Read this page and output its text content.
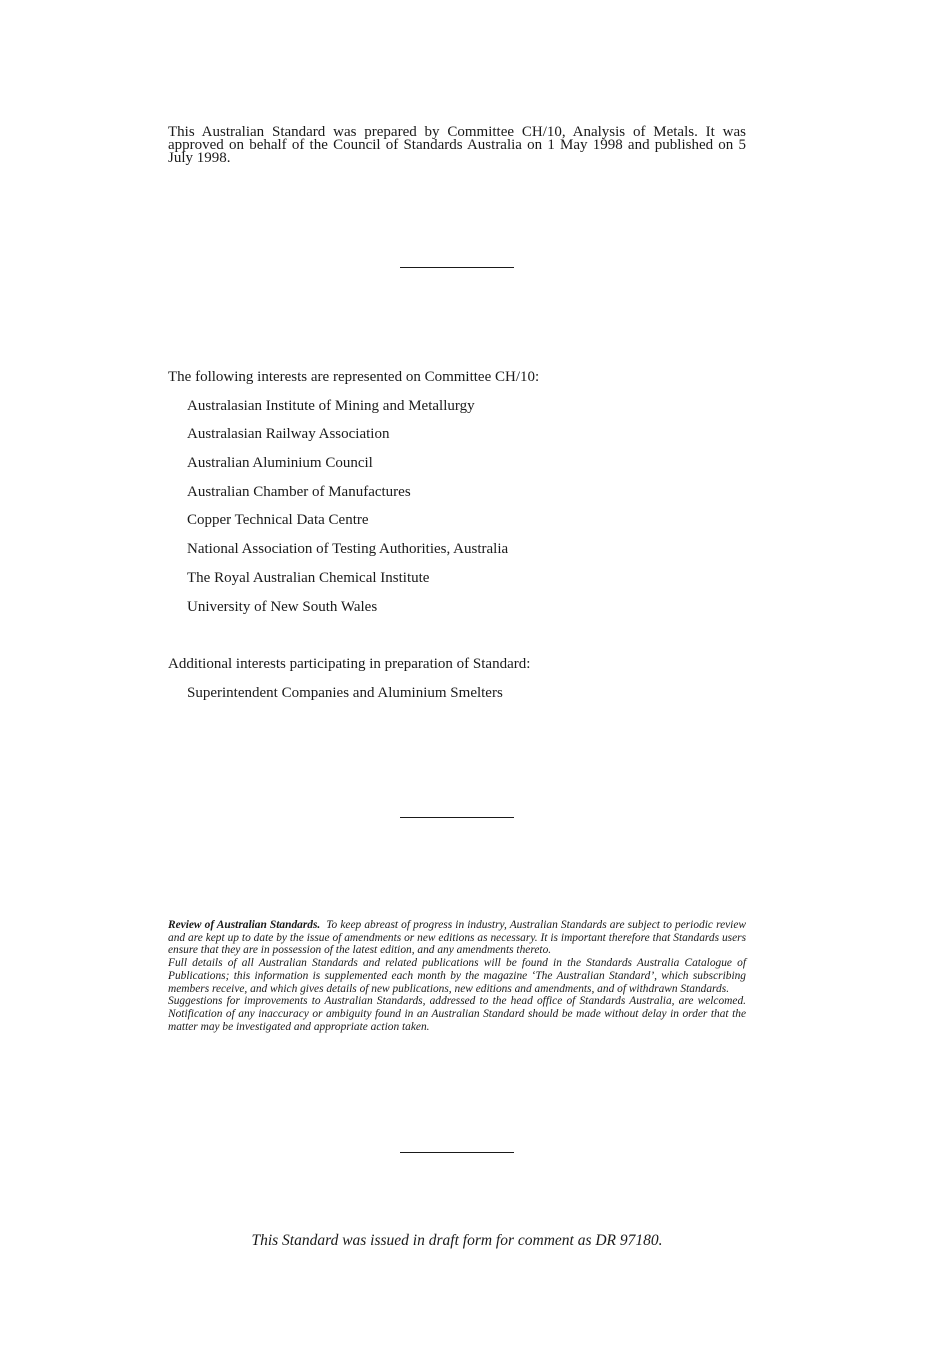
This Australian Standard was prepared by Committee CH/10, Analysis of Metals. It was approved on behalf of the Council of Standards Australia on 1 May 1998 and published on 5 July 1998.
The following interests are represented on Committee CH/10:
Australasian Institute of Mining and Metallurgy
Australasian Railway Association
Australian Aluminium Council
Australian Chamber of Manufactures
Copper Technical Data Centre
National Association of Testing Authorities, Australia
The Royal Australian Chemical Institute
University of New South Wales
Additional interests participating in preparation of Standard:
Superintendent Companies and Aluminium Smelters

Review of Australian Standards. To keep abreast of progress in industry, Australian Standards are subject to periodic review and are kept up to date by the issue of amendments or new editions as necessary. It is important therefore that Standards users ensure that they are in possession of the latest edition, and any amendments thereto.

Full details of all Australian Standards and related publications will be found in the Standards Australia Catalogue of Publications; this information is supplemented each month by the magazine ‘The Australian Standard’, which subscribing members receive, and which gives details of new publications, new editions and amendments, and of withdrawn Standards.

Suggestions for improvements to Australian Standards, addressed to the head office of Standards Australia, are welcomed. Notification of any inaccuracy or ambiguity found in an Australian Standard should be made without delay in order that the matter may be investigated and appropriate action taken.

This Standard was issued in draft form for comment as DR 97180.
